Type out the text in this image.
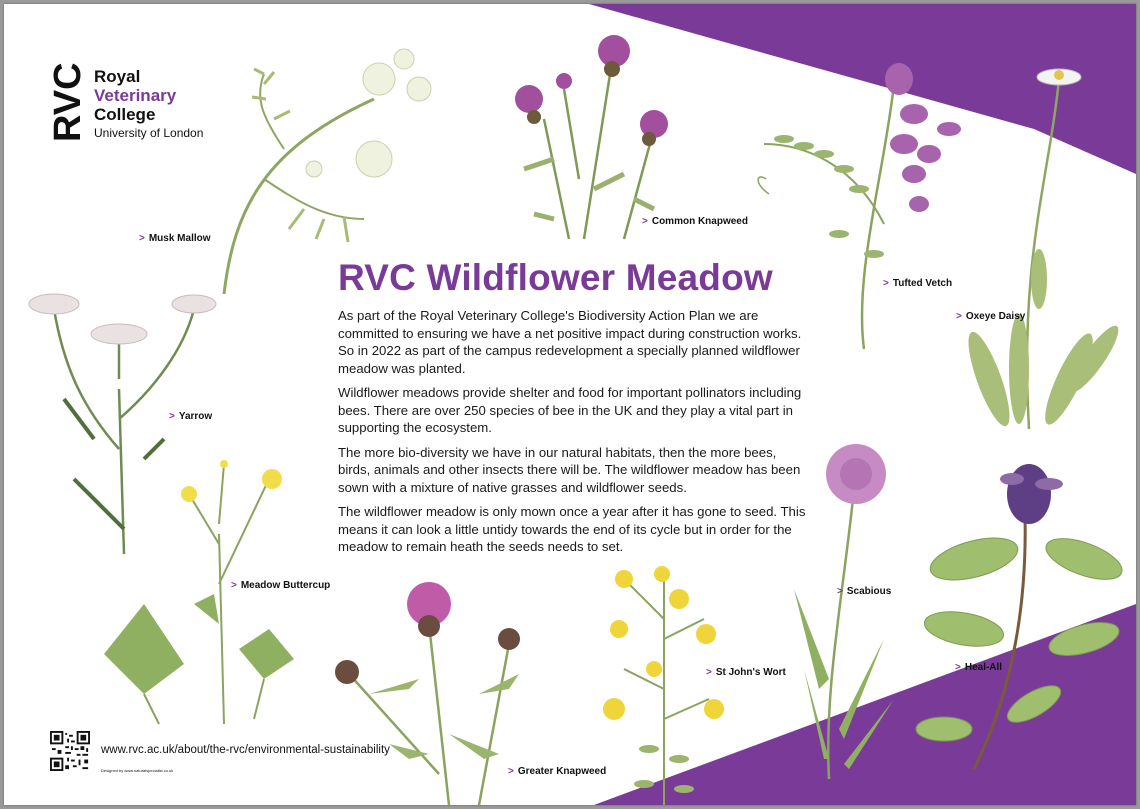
RVC Royal
Veterinary
College
University of London
> Musk Mallow
> Common Knapweed
> Tufted Vetch
> Oxeye Daisy
> Yarrow
> Meadow Buttercup
> Greater Knapweed
> St John's Wort
> Scabious
> Heal-All
RVC Wildflower Meadow

As part of the Royal Veterinary College's Biodiversity Action Plan we are committed to ensuring we have a net positive impact during construction works. So in 2022 as part of the campus redevelopment a specially planned wildflower meadow was planted.

Wildflower meadows provide shelter and food for important pollinators including bees. There are over 250 species of bee in the UK and they play a vital part in supporting the ecosystem.

The more bio-diversity we have in our natural habitats, then the more bees, birds, animals and other insects there will be. The wildflower meadow has been sown with a mixture of native grasses and wildflower seeds.

The wildflower meadow is only mown once a year after it has gone to seed. This means it can look a little untidy towards the end of its cycle but in order for the meadow to remain heath the seeds needs to set.

www.rvc.ac.uk/about/the-rvc/environmental-sustainability
Designed by www.naturalspecialist.co.uk
